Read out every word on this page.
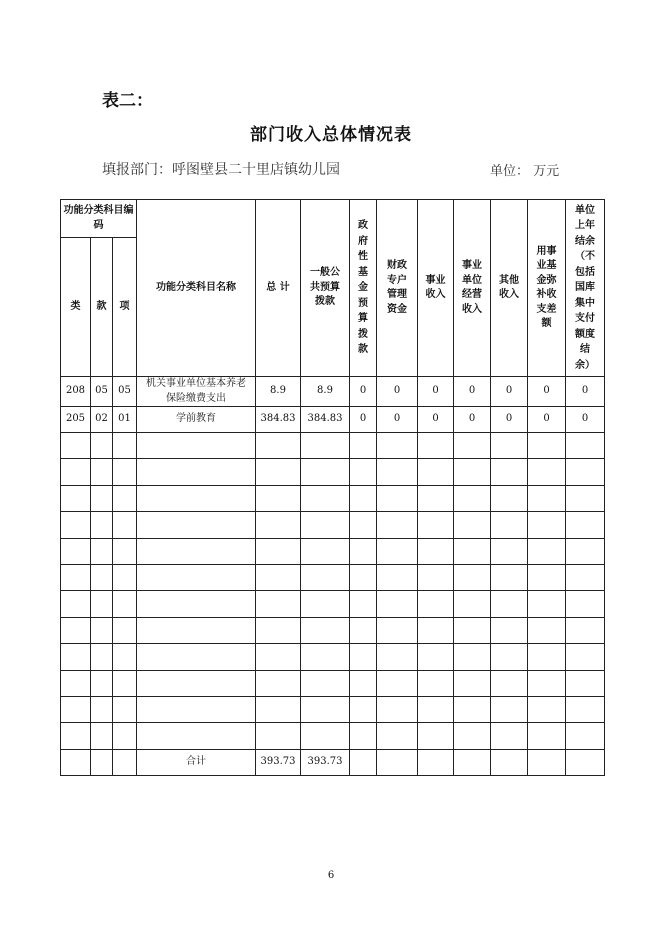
表二：
部门收入总体情况表
填报部门：呼图壁县二十里店镇幼儿园	单位： 万元
功能分类科目编码			功能分类科目名称	总 计	一般公共预算拨款	政府性基金预算拨款	财政专户管理资金	事业收入	事业单位经营收入	其他收入	用事业基金弥补收支差额	单位上年结余（不包括国库集中支付额度结余）

类	款	项										
208	05	05	机关事业单位基本养老保险缴费支出	8.9	8.9	0	0	0	0	0	0	0
205	02	01	学前教育	384.83	384.83	0	0	0	0	0	0	0

			合计	393.73	393.73							
6
